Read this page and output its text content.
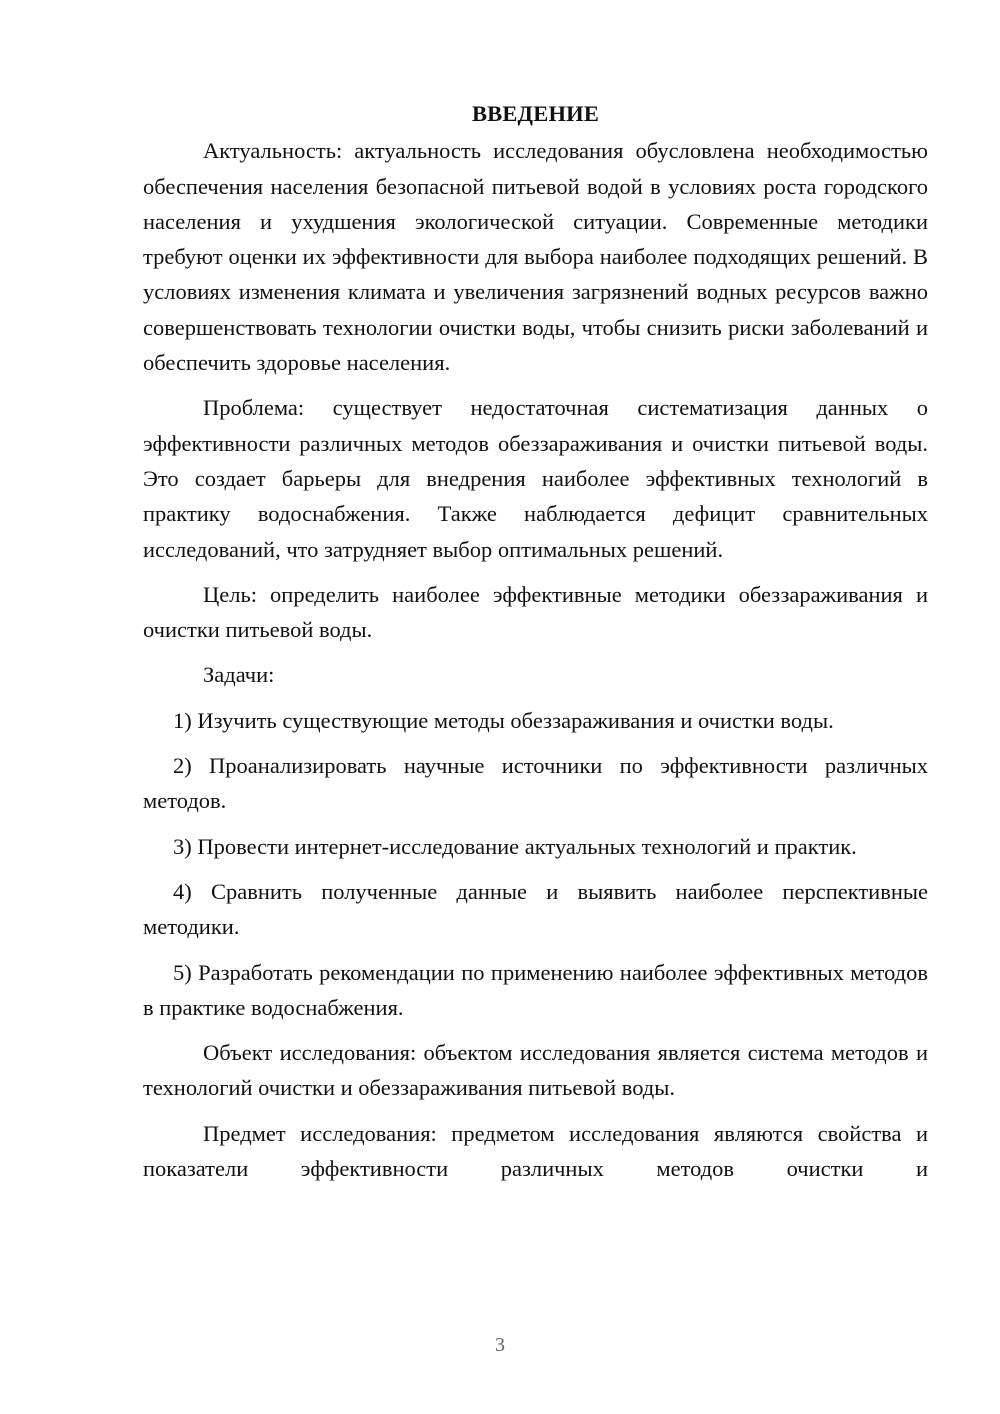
ВВЕДЕНИЕ

Актуальность: актуальность исследования обусловлена необходимостью обеспечения населения безопасной питьевой водой в условиях роста городского населения и ухудшения экологической ситуации. Современные методики требуют оценки их эффективности для выбора наиболее подходящих решений. В условиях изменения климата и увеличения загрязнений водных ресурсов важно совершенствовать технологии очистки воды, чтобы снизить риски заболеваний и обеспечить здоровье населения.

Проблема: существует недостаточная систематизация данных о эффективности различных методов обеззараживания и очистки питьевой воды. Это создает барьеры для внедрения наиболее эффективных технологий в практику водоснабжения. Также наблюдается дефицит сравнительных исследований, что затрудняет выбор оптимальных решений.

Цель: определить наиболее эффективные методики обеззараживания и очистки питьевой воды.

Задачи:

1) Изучить существующие методы обеззараживания и очистки воды.

2) Проанализировать научные источники по эффективности различных методов.

3) Провести интернет-исследование актуальных технологий и практик.

4) Сравнить полученные данные и выявить наиболее перспективные методики.

5) Разработать рекомендации по применению наиболее эффективных методов в практике водоснабжения.

Объект исследования: объектом исследования является система методов и технологий очистки и обеззараживания питьевой воды.

Предмет исследования: предметом исследования являются свойства и показатели эффективности различных методов очистки и

3
